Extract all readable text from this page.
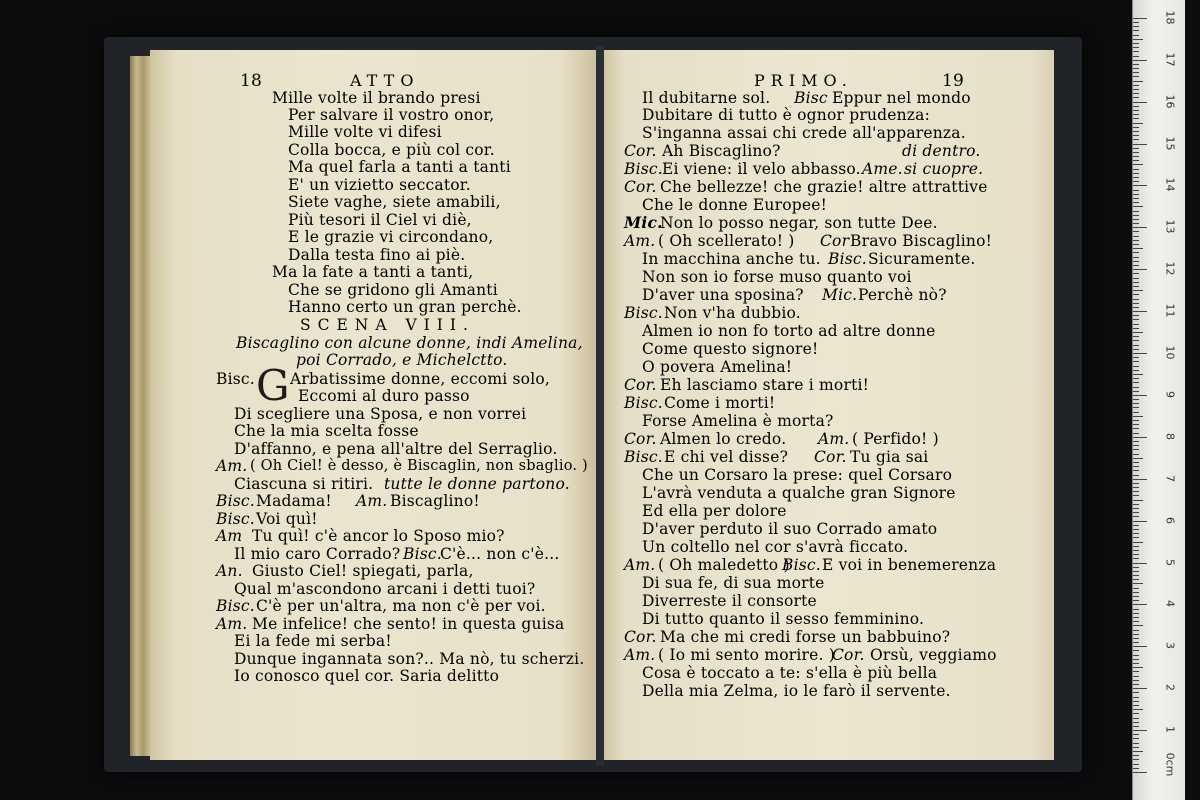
18	ATTO
Mille volte il brando presi
Per salvare il vostro onor,
Mille volte vi difesi
Colla bocca, e più col cor.
Ma quel farla a tanti a tanti
E' un vizietto seccator.
Siete vaghe, siete amabili,
Più tesori il Ciel vi diè,
E le grazie vi circondano,
Dalla testa fino ai piè.
Ma la fate a tanti a tanti,
Che se gridono gli Amanti
Hanno certo un gran perchè.
SCENA VIII.
Biscaglino con alcune donne, indi Amelina,
poi Corrado, e Michelctto.
G
Bisc. Arbatissime donne, eccomi solo,
Eccomi al duro passo
Di scegliere una Sposa, e non vorrei
Che la mia scelta fosse
D'affanno, e pena all'altre del Serraglio.
Am. ( Oh Ciel! è desso, è Biscaglin, non sbaglio. )
Ciascuna si ritiri. tutte le donne partono.
Bisc. Madama! Am. Biscaglino!
Bisc. Voi quì!
Am Tu quì! c'è ancor lo Sposo mio?
Il mio caro Corrado? Bisc.
C'è... non c'è...
An. Giusto Ciel! spiegati, parla,
Qual m'ascondono arcani i detti tuoi?
Bisc. C'è per un'altra, ma non c'è per voi.
Am. Me infelice! che sento! in questa guisa
Ei la fede mi serba!
Dunque ingannata son?.. Ma nò, tu scherzi.
Io conosco quel cor. Saria delitto
PRIMO.	19
Il dubitarne sol. Bisc Eppur nel mondo
Dubitare di tutto è ognor prudenza:
S'inganna assai chi crede all'apparenza.
Cor. Ah Biscaglino?	di dentro.
Bisc. Ei viene: il velo abbasso. Ame. si cuopre.
Cor. Che bellezze! che grazie! altre attrattive
Che le donne Europee!
Mic.
Non lo posso negar, son tutte Dee.
Am. ( Oh scellerato! ) Cor Bravo Biscaglino!
In macchina anche tu. Bisc. Sicuramente.
Non son io forse muso quanto voi
D'aver una sposina? Mic. Perchè nò?
Bisc. Non v'ha dubbio.
Almen io non fo torto ad altre donne
Come questo signore!
O povera Amelina!
Cor. Eh lasciamo stare i morti!
Bisc. Come i morti!
Forse Amelina è morta?
Cor. Almen lo credo. Am. ( Perfido! )
Bisc. E chi vel disse? Cor. Tu gia sai
Che un Corsaro la prese: quel Corsaro
L'avrà venduta a qualche gran Signore
Ed ella per dolore
D'aver perduto il suo Corrado amato
Un coltello nel cor s'avrà ficcato.
Am. ( Oh maledetto )
Bisc. E voi in benemerenza
Di sua fe, di sua morte
Diverreste il consorte
Di tutto quanto il sesso femminino.
Cor. Ma che mi credi forse un babbuino?
Am. ( Io mi sento morire. )
Cor. Orsù, veggiamo
Cosa è toccato a te: s'ella è più bella
Della mia Zelma, io le farò il servente.
0cm
1
2
3
4
5
6
7
8
9
10
11
12
13
14
15
16
17
18
